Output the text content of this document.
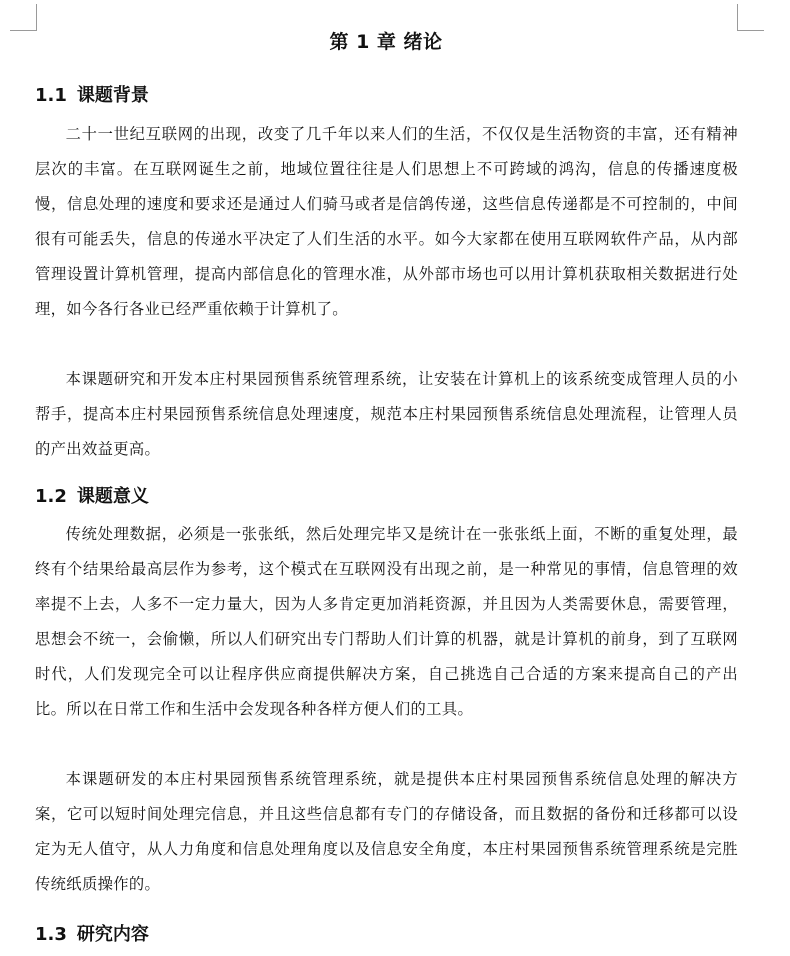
第 1 章 绪论
1.1 课题背景

二十一世纪互联网的出现，改变了几千年以来人们的生活，不仅仅是生活物资的丰富，还有精神层次的丰富。在互联网诞生之前，地域位置往往是人们思想上不可跨域的鸿沟，信息的传播速度极慢，信息处理的速度和要求还是通过人们骑马或者是信鸽传递，这些信息传递都是不可控制的，中间很有可能丢失，信息的传递水平决定了人们生活的水平。如今大家都在使用互联网软件产品，从内部管理设置计算机管理，提高内部信息化的管理水准，从外部市场也可以用计算机获取相关数据进行处理，如今各行各业已经严重依赖于计算机了。

本课题研究和开发本庄村果园预售系统管理系统，让安装在计算机上的该系统变成管理人员的小帮手，提高本庄村果园预售系统信息处理速度，规范本庄村果园预售系统信息处理流程，让管理人员的产出效益更高。

1.2 课题意义

传统处理数据，必须是一张张纸，然后处理完毕又是统计在一张张纸上面，不断的重复处理，最终有个结果给最高层作为参考，这个模式在互联网没有出现之前，是一种常见的事情，信息管理的效率提不上去，人多不一定力量大，因为人多肯定更加消耗资源，并且因为人类需要休息，需要管理，思想会不统一，会偷懒，所以人们研究出专门帮助人们计算的机器，就是计算机的前身，到了互联网时代，人们发现完全可以让程序供应商提供解决方案，自己挑选自己合适的方案来提高自己的产出比。所以在日常工作和生活中会发现各种各样方便人们的工具。

本课题研发的本庄村果园预售系统管理系统，就是提供本庄村果园预售系统信息处理的解决方案，它可以短时间处理完信息，并且这些信息都有专门的存储设备，而且数据的备份和迁移都可以设定为无人值守，从人力角度和信息处理角度以及信息安全角度，本庄村果园预售系统管理系统是完胜传统纸质操作的。

1.3 研究内容
